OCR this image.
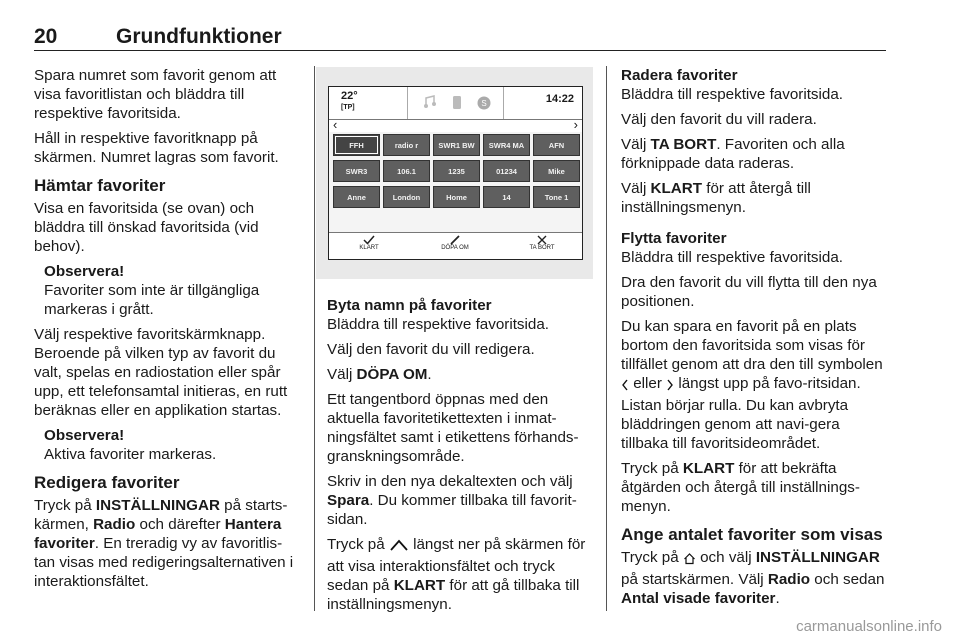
20	Grundfunktioner

Spara numret som favorit genom att visa favoritlistan och bläddra till respektive favoritsida.

Håll in respektive favoritknapp på skärmen. Numret lagras som favorit.

Hämtar favoriter

Visa en favoritsida (se ovan) och bläddra till önskad favoritsida (vid behov).

Observera!
Favoriter som inte är tillgängliga markeras i grått.

Välj respektive favoritskärmknapp. Beroende på vilken typ av favorit du valt, spelas en radiostation eller spår upp, ett telefonsamtal initieras, en rutt beräknas eller en applikation startas.

Observera!
Aktiva favoriter markeras.
Redigera favoriter

Tryck på INSTÄLLNINGAR på starts-kärmen, Radio och därefter Hantera favoriter. En treradig vy av favoritlis-tan visas med redigeringsalternativen i interaktionsfältet.

22°
[TP]	S	14:22
‹	›
FFH	radio r	SWR1 BW	SWR4 MA	AFN
SWR3	106.1	1235	01234	Mike
Anne	London	Home	14	Tone 1
KLART	DÖPA OM	TA BORT
Byta namn på favoriter

Bläddra till respektive favoritsida.

Välj den favorit du vill redigera.

Välj DÖPA OM.

Ett tangentbord öppnas med den aktuella favoritetikettexten i inmat-ningsfältet samt i etikettens förhands-granskningsområde.

Skriv in den nya dekaltexten och välj Spara. Du kommer tillbaka till favorit-sidan.

Tryck på  längst ner på skärmen för att visa interaktionsfältet och tryck sedan på KLART för att gå tillbaka till inställningsmenyn.

Radera favoriter

Bläddra till respektive favoritsida.

Välj den favorit du vill radera.

Välj TA BORT. Favoriten och alla förknippade data raderas.

Välj KLART för att återgå till inställningsmenyn.

Flytta favoriter

Bläddra till respektive favoritsida.

Dra den favorit du vill flytta till den nya positionen.

Du kan spara en favorit på en plats bortom den favoritsida som visas för tillfället genom att dra den till symbolen  eller  längst upp på favo-ritsidan. Listan börjar rulla. Du kan avbryta bläddringen genom att navi-gera tillbaka till favoritsideområdet.

Tryck på KLART för att bekräfta åtgärden och återgå till inställnings-menyn.

Ange antalet favoriter som visas

Tryck på  och välj INSTÄLLNINGAR på startskärmen. Välj Radio och sedan Antal visade favoriter.

carmanualsonline.info
